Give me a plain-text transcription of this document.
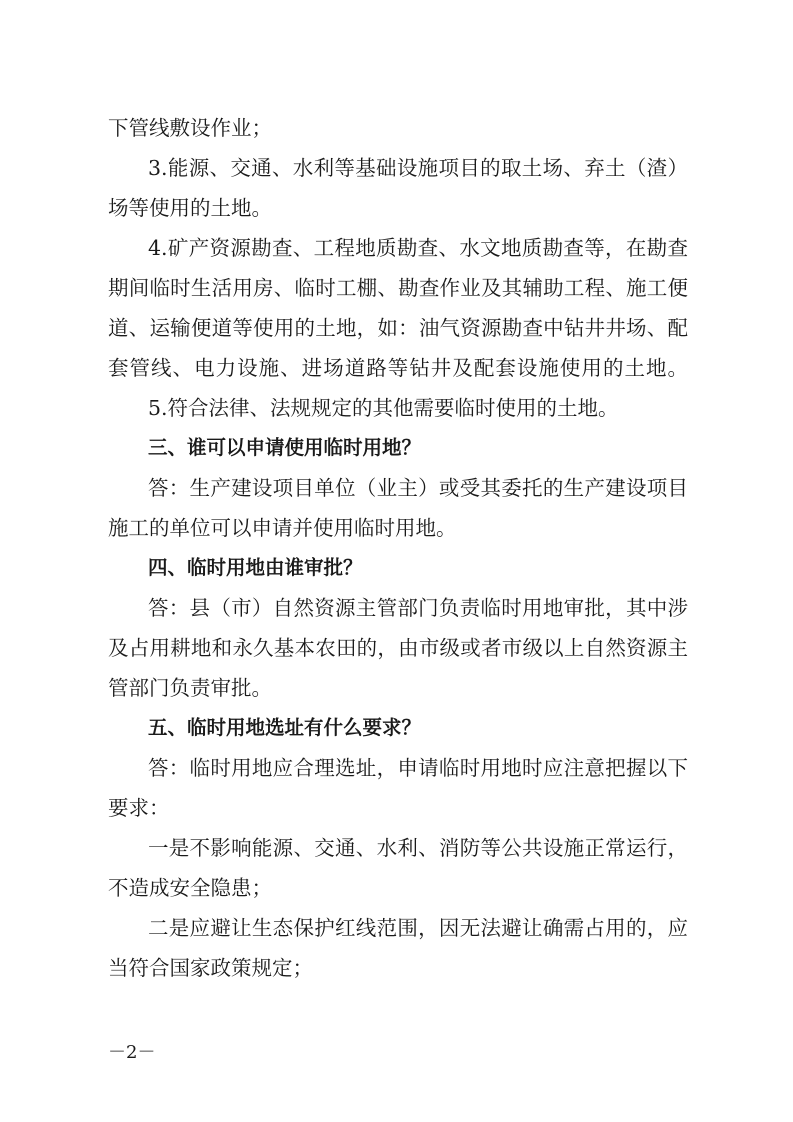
下管线敷设作业；
3.能源、交通、水利等基础设施项目的取土场、弃土（渣）
场等使用的土地。
4.矿产资源勘查、工程地质勘查、水文地质勘查等，在勘查
期间临时生活用房、临时工棚、勘查作业及其辅助工程、施工便
道、运输便道等使用的土地，如：油气资源勘查中钻井井场、配
套管线、电力设施、进场道路等钻井及配套设施使用的土地。
5.符合法律、法规规定的其他需要临时使用的土地。
三、谁可以申请使用临时用地？
答：生产建设项目单位（业主）或受其委托的生产建设项目
施工的单位可以申请并使用临时用地。
四、临时用地由谁审批？
答：县（市）自然资源主管部门负责临时用地审批，其中涉
及占用耕地和永久基本农田的，由市级或者市级以上自然资源主
管部门负责审批。
五、临时用地选址有什么要求？
答：临时用地应合理选址，申请临时用地时应注意把握以下
要求：
一是不影响能源、交通、水利、消防等公共设施正常运行，
不造成安全隐患；
二是应避让生态保护红线范围，因无法避让确需占用的，应
当符合国家政策规定；
－2－
